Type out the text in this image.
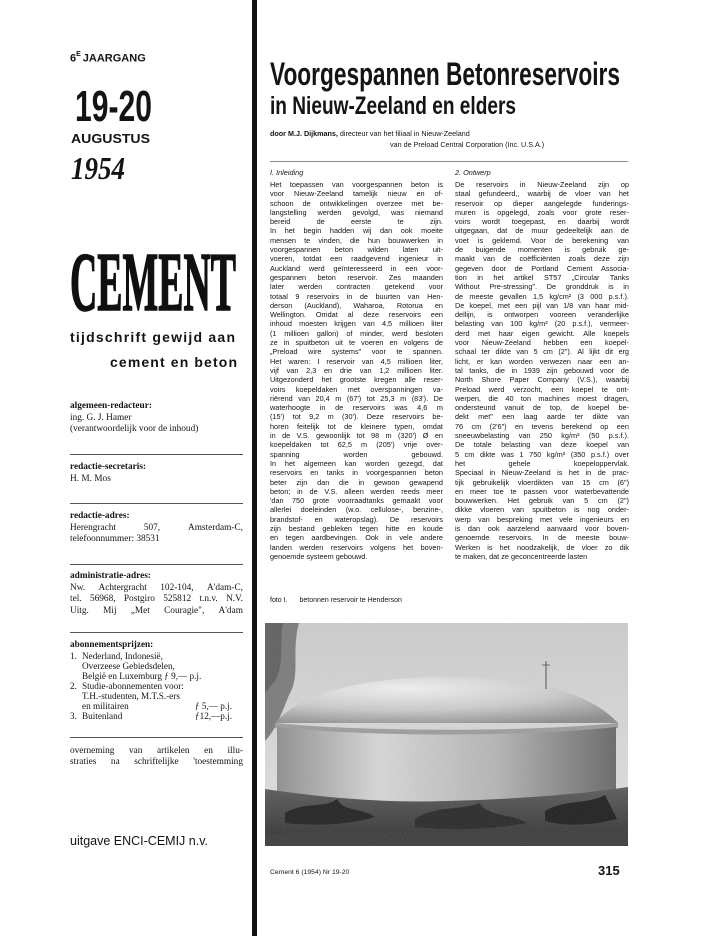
$6^E$ JAARGANG
19-20
AUGUSTUS
1954
CEMENT
tijdschrift gewijd aan
cement en beton
algemeen-redacteur:
ing. G. J. Hamer
(verantwoordelijk voor de inhoud)
redactie-secretaris:
H. M. Mos
redactie-adres:
Herengracht	507,	Amsterdam-C,
telefoonnummer: 38531
administratie-adres:
Nw. Achtergracht 102-104, A'dam-C,
tel. 56968, Postgiro 525812 t.n.v. N.V.
Uitg. Mij „Met Couragie", A'dam
abonnementsprijzen:
1. Nederland, Indonesië,
Overzeese Gebiedsdelen,
België en Luxemburg ƒ 9,— p.j.
2. Studie-abonnementen voor:
T.H.-studenten, M.T.S.-ers
en militairen	ƒ 5,— p.j.
3. Buitenland	ƒ12,—p.j.
overneming van artikelen en illu-
straties na schriftelijke 'toestemming
uitgave ENCI-CEMIJ n.v.
Voorgespannen Betonreservoirs
in Nieuw-Zeeland en elders
door M.J. Dijkmans, directeur van het filiaal in Nieuw-Zeeland
van de Preload Central Corporation (Inc. U.S.A.)
I. Inleiding	2. Ontwerp
Het toepassen van voorgespannen beton is
voor Nieuw-Zeeland tamelijk nieuw en of-
schoon de ontwikkelingen overzee met be-
langstelling werden gevolgd, was niemand
bereid	de	eerste	te	zijn.
In het begin hadden wij dan ook moeite
mensen te vinden, die hun bouwwerken in
voorgespannen beton wilden laten uit-
voeren, totdat een raadgevend ingenieur in
Auckland werd geïnteresseerd in een voor-
gespannen beton reservoir. Zes maanden
later werden contracten getekend voor
totaal 9 reservoirs in de buurten van Hen-
derson (Auckland), Waharoa, Rotorua en
Wellington. Omdat al deze reservoirs een
inhoud moesten krijgen van 4,5 millioen liter
(1 millioen gallon) of minder, werd besloten
ze in spuitbeton uit te voeren en volgens de
„Preload wire systems" voor te spannen.
Het waren: I reservoir van 4,5 millioen liter,
vijf van 2,3 en drie van 1,2 millioen liter.
Uitgezonderd het grootste kregen alle reser-
voirs koepeldaken met overspanningen va-
riërend van 20,4 m (67') tot 25,3 m (83'). De
waterhoogte in de reservoirs was 4,6 m
(15') tot 9,2 m (30'). Deze reservoirs be-
horen feitelijk tot de kleinere typen, omdat
in de V.S. gewoonlijk tot 98 m (320') Ø en
koepeldaken tot 62,5 m (205') vrije over-
spanning	worden	gebouwd.
In het algemeen kan worden gezegd, dat
reservoirs en tanks in voorgespannen beton
beter zijn dan die in gewoon gewapend
beton; in de V.S. alleen werden reeds meer
'dan 750 grote voorraadtanks gemaakt voor
allerlei doeleinden (w.o. cellulose-, benzine-,
brandstof- en wateropslag). De reservoirs
zijn bestand gebleken tegen hitte en koude
en tegen aardbevingen. Ook in vele andere
landen werden reservoirs volgens het boven-
genoemde systeem gebouwd.
De reservoirs in Nieuw-Zeeland zijn op
staal gefundeerd,, waarbij de vloer van het
reservoir op dieper aangelegde funderings-
muren is opgelegd, zoals voor grote reser-
voirs wordt toegepast, en daarbij wordt
uitgegaan, dat de muur gedeeltelijk aan de
voet is geklemd. Voor de berekening van
de buigende momenten is gebruik ge-
maakt van de coëfficiënten zoals deze zijn
gegeven door de Portland Cement Associa-
tion in het artikel ST57 „Circular Tanks
Without Pre-stressing". De gronddruk is in
de meeste gevallen 1,5 kg/cm² (3 000 p.s.f.).
De koepel, met een pijl van 1/8 van haar mid-
dellijn, is ontworpen vooreen veranderlijke
belasting van 100 kg/m² (20 p.s.f.), vermeer-
derd met haar eigen gewicht. Alle koepels
voor Nieuw-Zeeland hebben een koepel-
schaal ter dikte van 5 cm (2"). Al lijkt dit erg
licht, er kan worden verwezen naar een an-
tal tanks, die in 1939 zijn gebouwd voor de
North Shore Paper Company (V.S.), waarbij
Preload werd verzocht, een koepel te ont-
werpen, die 40 ton machines moest dragen,
ondersteund vanuit de top, de koepel be-
dekt met" een laag aarde ter dikte van
76 cm (2'6") en tevens berekend op een
sneeuwbelasting van 250 kg/m² (50 p.s.f.).
De totale belasting van deze koepel van
5 cm dikte was 1 750 kg/m² (350 p.s.f.) over
het	gehele	koepeloppervlak.
Speciaal in Nieuw-Zeeland is het in de prac-
tijk gebruikelijk vloerdikten van 15 cm (6")
en meer toe te passen voor waterbevattende
bouwwerken. Het gebruik van 5 cm (2")
dikke vloeren van spuitbeton is nog onder-
werp van bespreking met vele ingenieurs en
is dan ook aarzelend aanvaard voor boven-
genoemde reservoirs. In de meeste bouw-
Werken is het noodzakelijk, de vloer zo dik
te maken, dat ze geconcentreerde lasten
foto I. betonnen reservoir te Henderson
Cement 6 (1954) Nr 19-20	315
